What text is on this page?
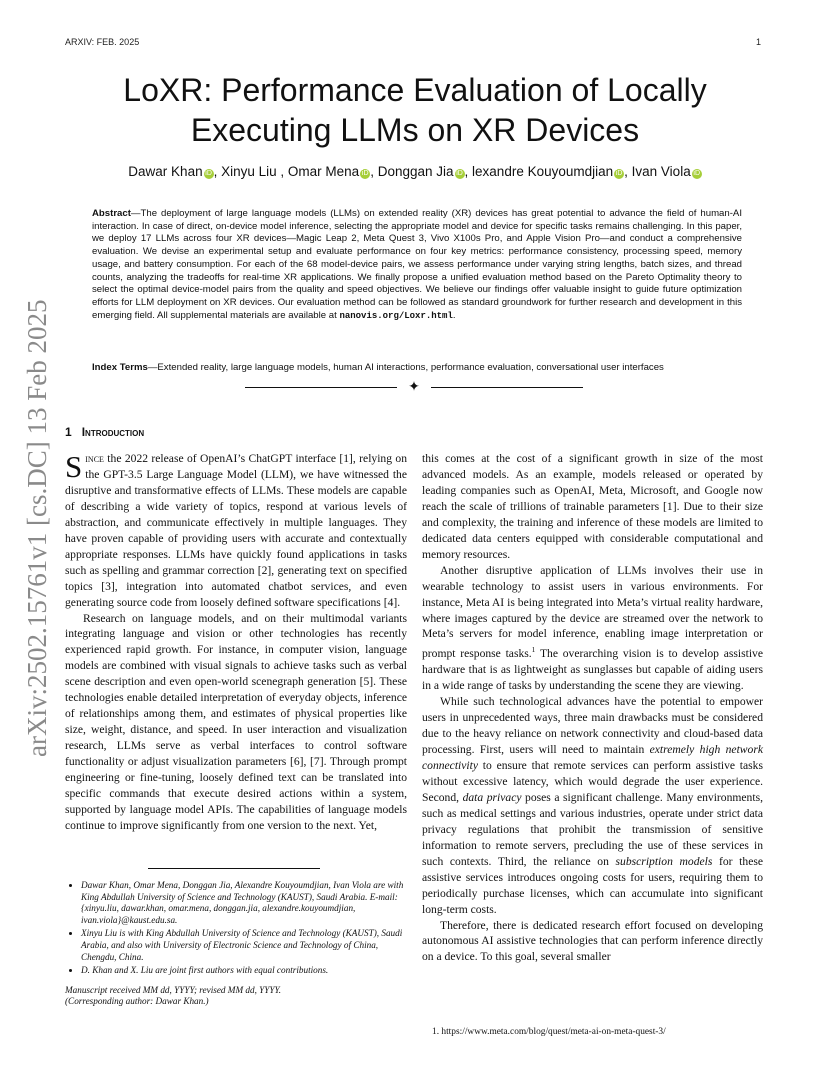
ARXIV: FEB. 2025	1
arXiv:2502.15761v1 [cs.DC] 13 Feb 2025
LoXR: Performance Evaluation of Locally
Executing LLMs on XR Devices
Dawar Khan iD , Xinyu Liu , Omar Mena iD , Donggan Jia iD , lexandre Kouyoumdjian iD , Ivan Viola iD
Abstract—The deployment of large language models (LLMs) on extended reality (XR) devices has great potential to advance the field of human-AI interaction. In case of direct, on-device model inference, selecting the appropriate model and device for specific tasks remains challenging. In this paper, we deploy 17 LLMs across four XR devices—Magic Leap 2, Meta Quest 3, Vivo X100s Pro, and Apple Vision Pro—and conduct a comprehensive evaluation. We devise an experimental setup and evaluate performance on four key metrics: performance consistency, processing speed, memory usage, and battery consumption. For each of the 68 model-device pairs, we assess performance under varying string lengths, batch sizes, and thread counts, analyzing the tradeoffs for real-time XR applications. We finally propose a unified evaluation method based on the Pareto Optimality theory to select the optimal device-model pairs from the quality and speed objectives. We believe our findings offer valuable insight to guide future optimization efforts for LLM deployment on XR devices. Our evaluation method can be followed as standard groundwork for further research and development in this emerging field. All supplemental materials are available at nanovis.org/Loxr.html.
Index Terms—Extended reality, large language models, human AI interactions, performance evaluation, conversational user interfaces
✦
1 Introduction

Since the 2022 release of OpenAI’s ChatGPT interface [1], relying on the GPT-3.5 Large Language Model (LLM), we have witnessed the disruptive and transformative effects of LLMs. These models are capable of describing a wide variety of topics, respond at various levels of abstraction, and communicate effectively in multiple languages. They have proven capable of providing users with accurate and contextually appropriate responses. LLMs have quickly found applications in tasks such as spelling and grammar correction [2], generating text on specified topics [3], integration into automated chatbot services, and even generating source code from loosely defined software specifications [4].

Research on language models, and on their multimodal variants integrating language and vision or other technologies has recently experienced rapid growth. For instance, in computer vision, language models are combined with visual signals to achieve tasks such as verbal scene description and even open-world scenegraph generation [5]. These technologies enable detailed interpretation of everyday objects, inference of relationships among them, and estimates of physical properties like size, weight, distance, and speed. In user interaction and visualization research, LLMs serve as verbal interfaces to control software functionality or adjust visualization parameters [6], [7]. Through prompt engineering or fine-tuning, loosely defined text can be translated into specific commands that execute desired actions within a system, supported by language model APIs. The capabilities of language models continue to improve significantly from one version to the next. Yet,

this comes at the cost of a significant growth in size of the most advanced models. As an example, models released or operated by leading companies such as OpenAI, Meta, Microsoft, and Google now reach the scale of trillions of trainable parameters [1]. Due to their size and complexity, the training and inference of these models are limited to dedicated data centers equipped with considerable computational and memory resources.

Another disruptive application of LLMs involves their use in wearable technology to assist users in various environments. For instance, Meta AI is being integrated into Meta’s virtual reality hardware, where images captured by the device are streamed over the network to Meta’s servers for model inference, enabling image interpretation or prompt response tasks.$^1$ The overarching vision is to develop assistive hardware that is as lightweight as sunglasses but capable of aiding users in a wide range of tasks by understanding the scene they are viewing.

While such technological advances have the potential to empower users in unprecedented ways, three main drawbacks must be considered due to the heavy reliance on network connectivity and cloud-based data processing. First, users will need to maintain extremely high network connectivity to ensure that remote services can perform assistive tasks without excessive latency, which would degrade the user experience. Second, data privacy poses a significant challenge. Many environments, such as medical settings and various industries, operate under strict data privacy regulations that prohibit the transmission of sensitive information to remote servers, precluding the use of these services in such contexts. Third, the reliance on subscription models for these assistive services introduces ongoing costs for users, requiring them to periodically purchase licenses, which can accumulate into significant long-term costs.

Therefore, there is dedicated research effort focused on developing autonomous AI assistive technologies that can perform inference directly on a device. To this goal, several smaller

• Dawar Khan, Omar Mena, Donggan Jia, Alexandre Kouyoumdjian, Ivan Viola are with King Abdullah University of Science and Technology (KAUST), Saudi Arabia. E-mail: {xinyu.liu, dawar.khan, omar.mena, donggan.jia, alexandre.kouyoumdjian, ivan.viola}@kaust.edu.sa.
• Xinyu Liu is with King Abdullah University of Science and Technology (KAUST), Saudi Arabia, and also with University of Electronic Science and Technology of China, Chengdu, China.
• D. Khan and X. Liu are joint first authors with equal contributions.
Manuscript received MM dd, YYYY; revised MM dd, YYYY.
(Corresponding author: Dawar Khan.)
1. https://www.meta.com/blog/quest/meta-ai-on-meta-quest-3/
